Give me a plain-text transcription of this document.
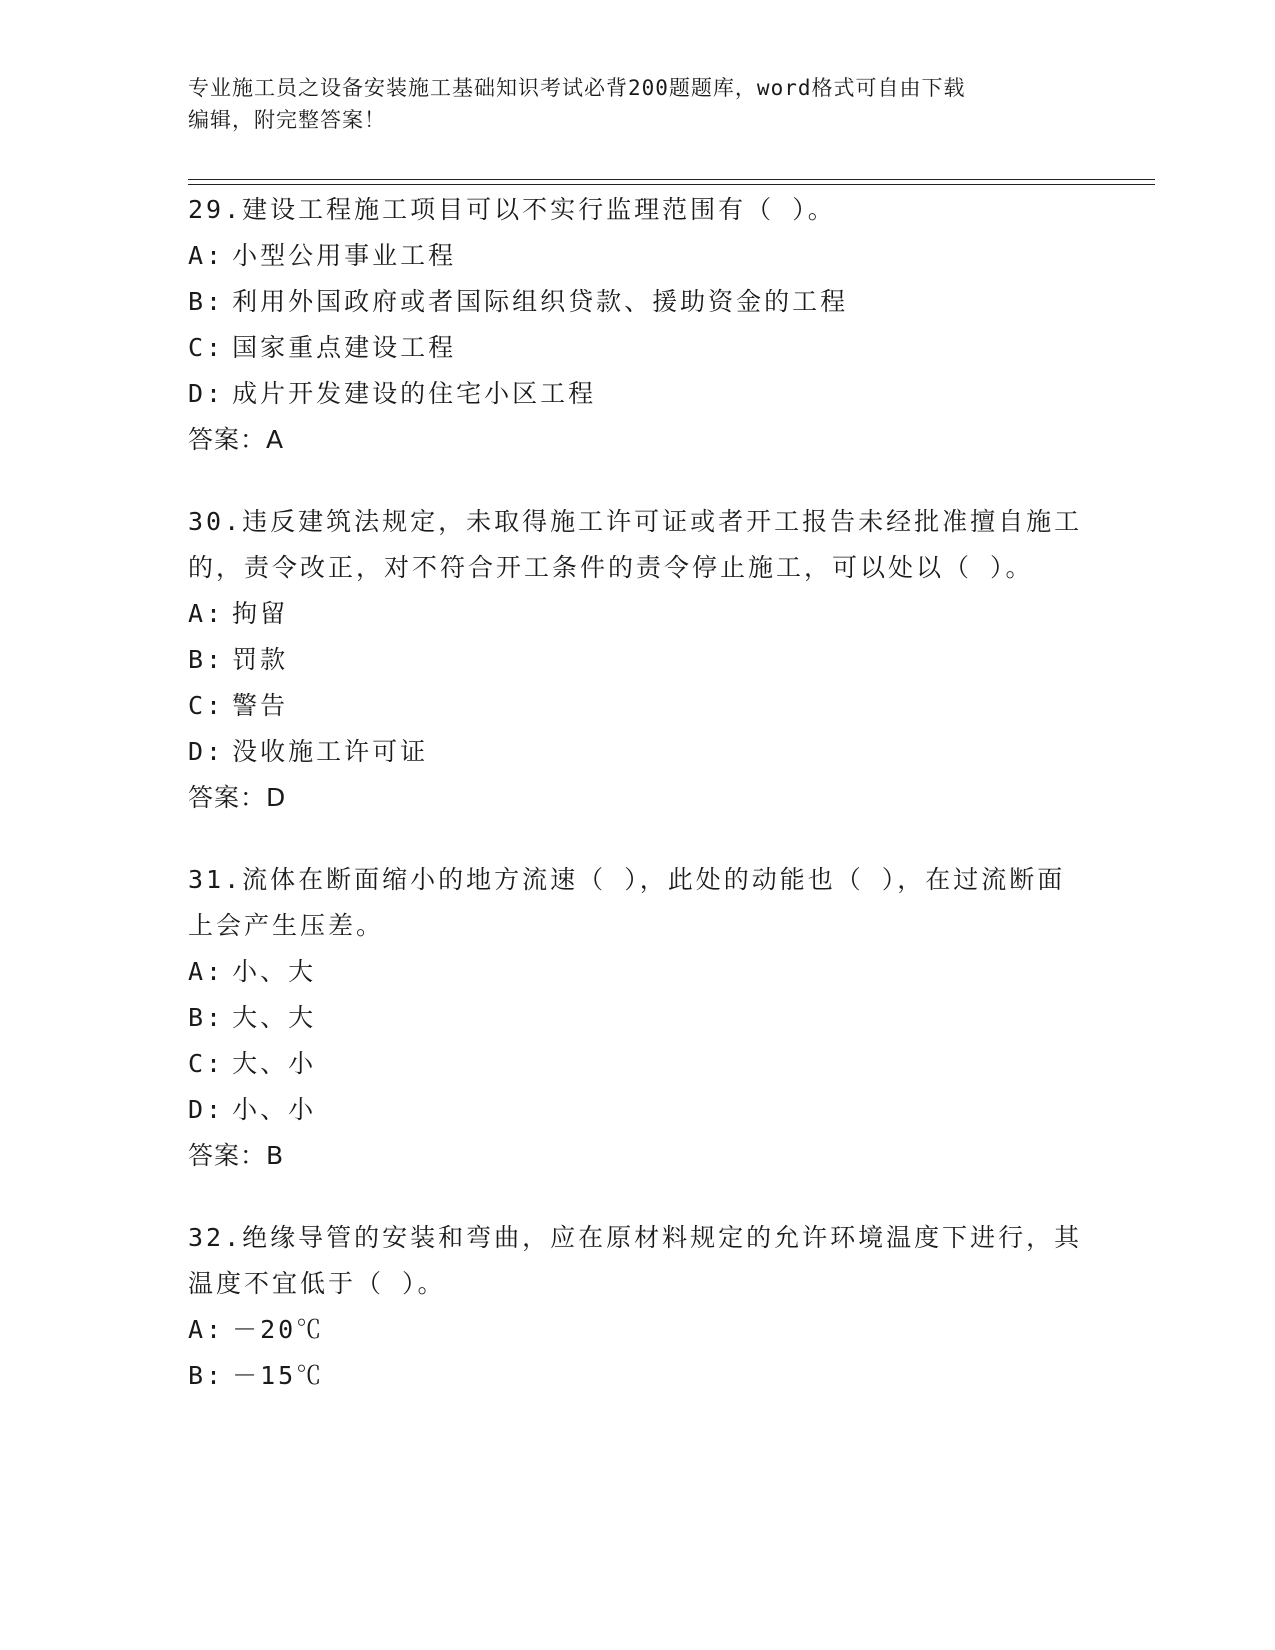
专业施工员之设备安装施工基础知识考试必背200题题库，word格式可自由下载
编辑，附完整答案！
29.建设工程施工项目可以不实行监理范围有（ ）。
A: 小型公用事业工程
B: 利用外国政府或者国际组织贷款、援助资金的工程
C: 国家重点建设工程
D: 成片开发建设的住宅小区工程
答案：A
30.违反建筑法规定，未取得施工许可证或者开工报告未经批准擅自施工的，责令改正，对不符合开工条件的责令停止施工，可以处以（ ）。
A: 拘留
B: 罚款
C: 警告
D: 没收施工许可证
答案：D
31.流体在断面缩小的地方流速（ ），此处的动能也（ ），在过流断面上会产生压差。
A: 小、大
B: 大、大
C: 大、小
D: 小、小
答案：B
32.绝缘导管的安装和弯曲，应在原材料规定的允许环境温度下进行，其温度不宜低于（ ）。
A: －20℃
B: －15℃
